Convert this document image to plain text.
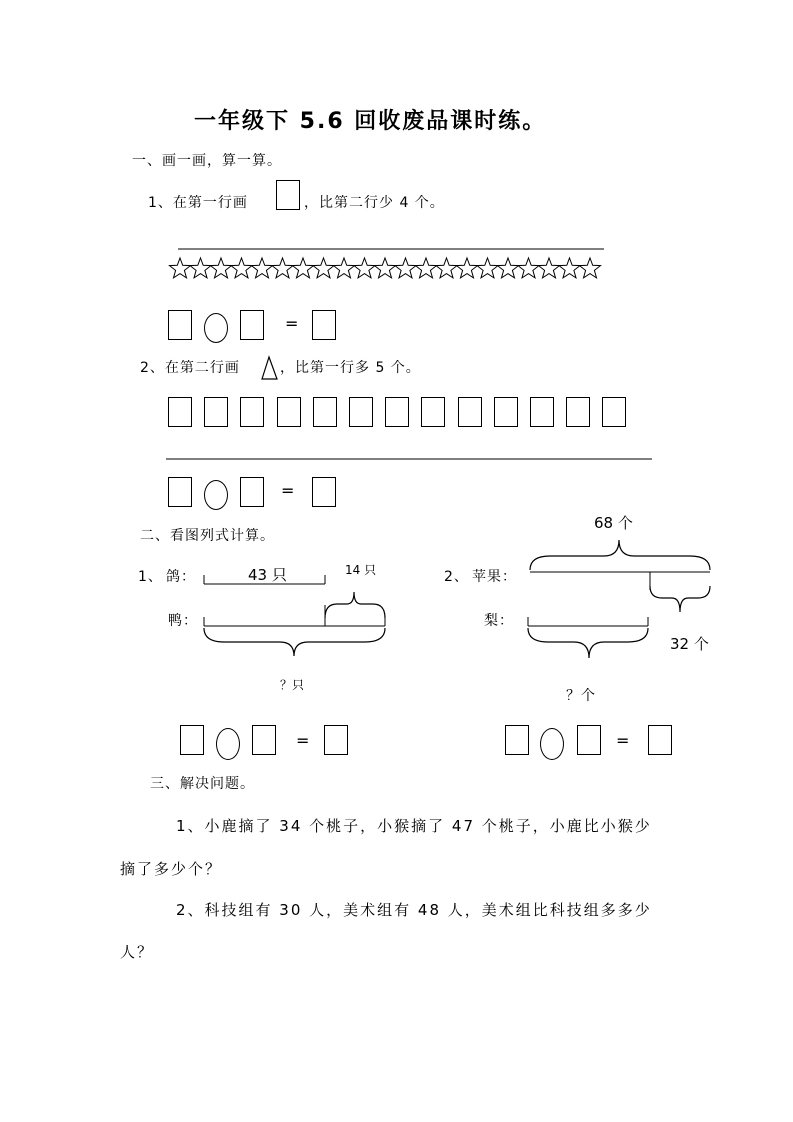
一年级下 5.6 回收废品课时练。
一、画一画，算一算。
1、在第一行画	，比第二行少 4 个。
=
2、在第二行画	，比第一行多 5 个。
=
二、看图列式计算。
1、 鸽：	43 只	14 只
鸭：
？只
68 个
2、 苹果：
梨：
32 个
？个
=	=
三、解决问题。
1、小鹿摘了 34 个桃子，小猴摘了 47 个桃子，小鹿比小猴少
摘了多少个？
2、科技组有 30 人，美术组有 48 人，美术组比科技组多多少
人？
